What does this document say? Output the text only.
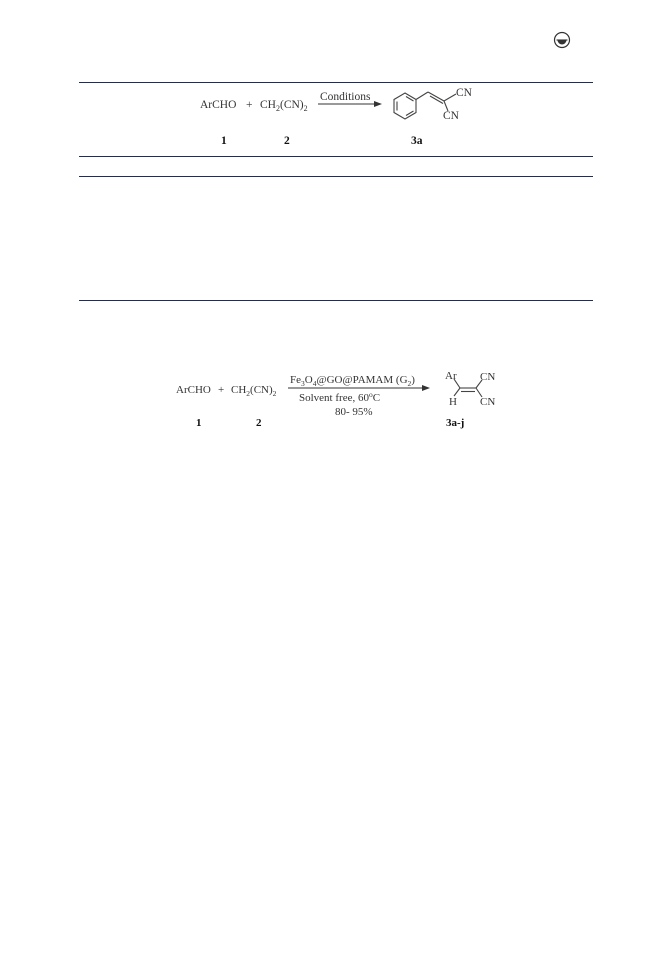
ArCHO + $CH_2(CN)_2$
Conditions	CN
CN
1	2	3a
ArCHO + $CH_2(CN)_2$
$Fe_3O_4@GO@PAMAM$ $(G_2)$
Solvent free, 60$^o$C
80- 95%
Ar
H
CN
CN
1	2	3a-j
